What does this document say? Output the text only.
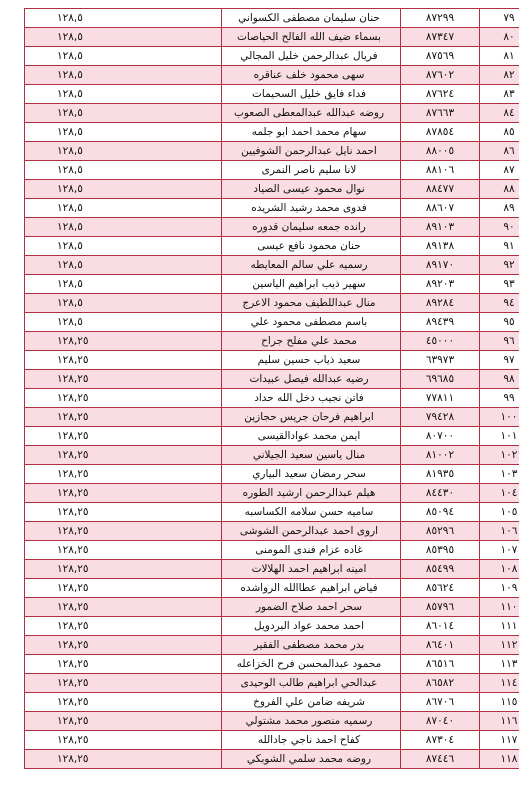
٧٩	٨٧٢٩٩	حنان سليمان مصطفى الكسواني	١٢٨,٥
٨٠	٨٧٣٤٧	بسماء ضيف الله الفالح الحياصات	١٢٨,٥
٨١	٨٧٥٦٩	فريال عبدالرحمن خليل المجالي	١٢٨,٥
٨٢	٨٧٦٠٢	سهى محمود خلف عناقره	١٢٨,٥
٨٣	٨٧٦٢٤	فداء فايق خليل السحيمات	١٢٨,٥
٨٤	٨٧٦٦٣	روضه عبدالله عبدالمعطى الصعوب	١٢٨,٥
٨٥	٨٧٨٥٤	سهام محمد احمد ابو جلمه	١٢٨,٥
٨٦	٨٨٠٠٥	احمد نايل عبدالرحمن الشوفيين	١٢٨,٥
٨٧	٨٨١٠٦	لانا سليم ناصر النمرى	١٢٨,٥
٨٨	٨٨٤٧٧	نوال محمود عيسى الصياد	١٢٨,٥
٨٩	٨٨٦٠٧	فدوى محمد رشيد الشريده	١٢٨,٥
٩٠	٨٩١٠٣	رانده جمعه سليمان قدوره	١٢٨,٥
٩١	٨٩١٣٨	حنان محمود نافع عيسى	١٢٨,٥
٩٢	٨٩١٧٠	رسميه علي سالم المعايطه	١٢٨,٥
٩٣	٨٩٢٠٣	سهير ذيب ابراهيم الياسين	١٢٨,٥
٩٤	٨٩٢٨٤	منال عبداللطيف محمود الاعرج	١٢٨,٥
٩٥	٨٩٤٣٩	باسم مصطفى محمود علي	١٢٨,٥
٩٦	٤٥٠٠٠	محمد علي مفلح جراح	١٢٨,٢٥
٩٧	٦٣٩٧٣	سعيد ذياب حسين سليم	١٢٨,٢٥
٩٨	٦٩٦٨٥	رضيه عبدالله فيصل عبيدات	١٢٨,٢٥
٩٩	٧٧٨١١	فاتن نجيب دخل الله حداد	١٢٨,٢٥
١٠٠	٧٩٤٢٨	ابراهيم فرحان جريس حجازين	١٢٨,٢٥
١٠١	٨٠٧٠٠	ايمن محمد عوادالقيسى	١٢٨,٢٥
١٠٢	٨١٠٠٢	منال ياسين سعيد الجيلاني	١٢٨,٢٥
١٠٣	٨١٩٣٥	سحر رمضان سعيد البياري	١٢٨,٢٥
١٠٤	٨٤٤٣٠	هيلم عبدالرحمن ارشيد الطوره	١٢٨,٢٥
١٠٥	٨٥٠٩٤	ساميه حسن سلامه الكساسبه	١٢٨,٢٥
١٠٦	٨٥٢٩٦	اروى احمد عبدالرحمن الشوشى	١٢٨,٢٥
١٠٧	٨٥٣٩٥	غاده عزام فندى المومنى	١٢٨,٢٥
١٠٨	٨٥٤٩٩	امينه ابراهيم احمد الهلالات	١٢٨,٢٥
١٠٩	٨٥٦٢٤	فياض ابراهيم عطاالله الرواشده	١٢٨,٢٥
١١٠	٨٥٧٩٦	سحر احمد صلاح الضمور	١٢٨,٢٥
١١١	٨٦٠١٤	احمد محمد عواد البردويل	١٢٨,٢٥
١١٢	٨٦٤٠١	بدر محمد مصطفى الفقير	١٢٨,٢٥
١١٣	٨٦٥١٦	محمود عبدالمحسن فرح الخزاعله	١٢٨,٢٥
١١٤	٨٦٥٨٢	عبدالحي ابراهيم طالب الوحيدى	١٢٨,٢٥
١١٥	٨٦٧٠٦	شريفه ضامن علي الفروخ	١٢٨,٢٥
١١٦	٨٧٠٤٠	رسميه منصور محمد مشتولي	١٢٨,٢٥
١١٧	٨٧٣٠٤	كفاح احمد ناجي جادالله	١٢٨,٢٥
١١٨	٨٧٤٤٦	روضه محمد سلمي الشوبكي	١٢٨,٢٥
